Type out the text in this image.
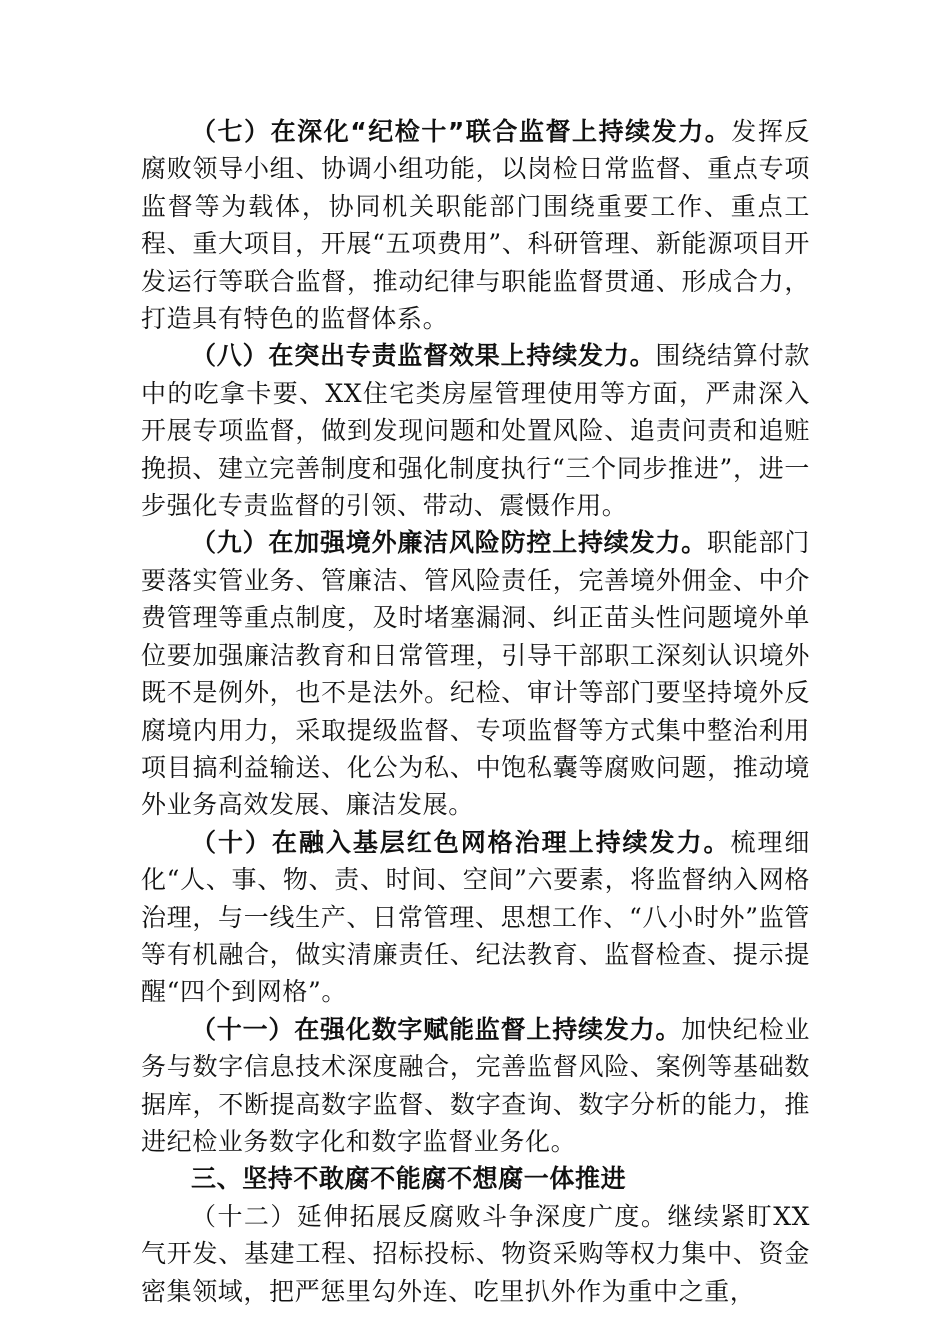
（七）在深化“纪检十”联合监督上持续发力。发挥反腐败领导小组、协调小组功能，以岗检日常监督、重点专项监督等为载体，协同机关职能部门围绕重要工作、重点工程、重大项目，开展“五项费用”、科研管理、新能源项目开发运行等联合监督，推动纪律与职能监督贯通、形成合力，打造具有特色的监督体系。

（八）在突出专责监督效果上持续发力。围绕结算付款中的吃拿卡要、XX住宅类房屋管理使用等方面，严肃深入开展专项监督，做到发现问题和处置风险、追责问责和追赃挽损、建立完善制度和强化制度执行“三个同步推进”，进一步强化专责监督的引领、带动、震慑作用。

（九）在加强境外廉洁风险防控上持续发力。职能部门要落实管业务、管廉洁、管风险责任，完善境外佣金、中介费管理等重点制度，及时堵塞漏洞、纠正苗头性问题境外单位要加强廉洁教育和日常管理，引导干部职工深刻认识境外既不是例外，也不是法外。纪检、审计等部门要坚持境外反腐境内用力，采取提级监督、专项监督等方式集中整治利用项目搞利益输送、化公为私、中饱私囊等腐败问题，推动境外业务高效发展、廉洁发展。

（十）在融入基层红色网格治理上持续发力。梳理细化“人、事、物、责、时间、空间”六要素，将监督纳入网格治理，与一线生产、日常管理、思想工作、“八小时外”监管等有机融合，做实清廉责任、纪法教育、监督检查、提示提醒“四个到网格”。

（十一）在强化数字赋能监督上持续发力。加快纪检业务与数字信息技术深度融合，完善监督风险、案例等基础数据库，不断提高数字监督、数字查询、数字分析的能力，推进纪检业务数字化和数字监督业务化。

三、坚持不敢腐不能腐不想腐一体推进

（十二）延伸拓展反腐败斗争深度广度。继续紧盯XX气开发、基建工程、招标投标、物资采购等权力集中、资金密集领域，把严惩里勾外连、吃里扒外作为重中之重，
